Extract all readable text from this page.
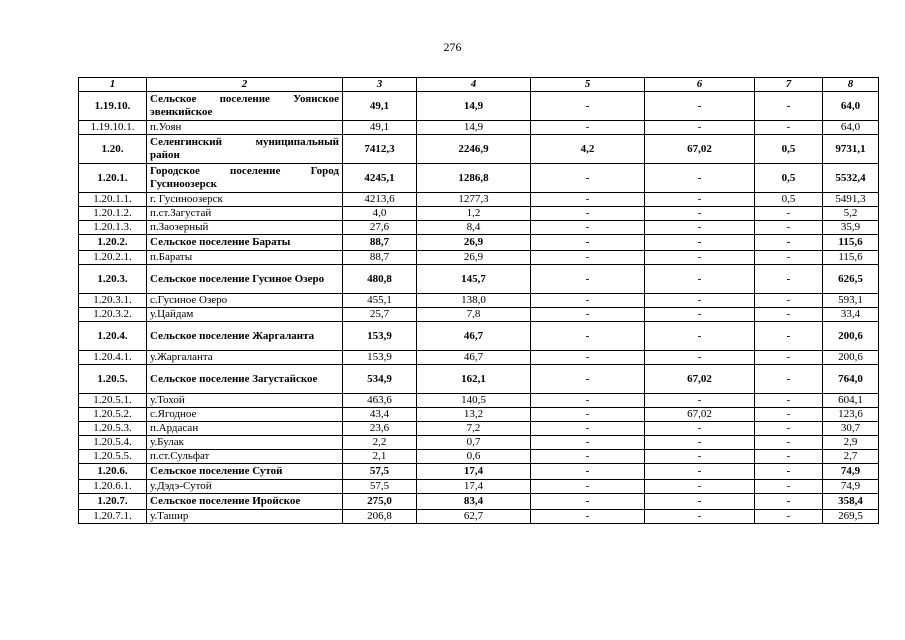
276
1	2	3	4	5	6	7	8
1.19.10.	Сельское поселение Уоянское эвенкийское	49,1	14,9	-	-	-	64,0
1.19.10.1.	п.Уоян	49,1	14,9	-	-	-	64,0
1.20.	Селенгинский муниципальный район	7412,3	2246,9	4,2	67,02	0,5	9731,1
1.20.1.	Городское поселение Город Гусиноозерск	4245,1	1286,8	-	-	0,5	5532,4
1.20.1.1.	г. Гусиноозерск	4213,6	1277,3	-	-	0,5	5491,3
1.20.1.2.	п.ст.Загустай	4,0	1,2	-	-	-	5,2
1.20.1.3.	п.Заозерный	27,6	8,4	-	-	-	35,9
1.20.2.	Сельское поселение Бараты	88,7	26,9	-	-	-	115,6
1.20.2.1.	п.Бараты	88,7	26,9	-	-	-	115,6
1.20.3.	Сельское поселение Гусиное Озеро	480,8	145,7	-	-	-	626,5
1.20.3.1.	с.Гусиное Озеро	455,1	138,0	-	-	-	593,1
1.20.3.2.	у.Цайдам	25,7	7,8	-	-	-	33,4
1.20.4.	Сельское поселение Жаргаланта	153,9	46,7	-	-	-	200,6
1.20.4.1.	у.Жаргаланта	153,9	46,7	-	-	-	200,6
1.20.5.	Сельское поселение Загустайское	534,9	162,1	-	67,02	-	764,0
1.20.5.1.	у.Тохой	463,6	140,5	-	-	-	604,1
1.20.5.2.	с.Ягодное	43,4	13,2	-	67,02	-	123,6
1.20.5.3.	п.Ардасан	23,6	7,2	-	-	-	30,7
1.20.5.4.	у.Булак	2,2	0,7	-	-	-	2,9
1.20.5.5.	п.ст.Сульфат	2,1	0,6	-	-	-	2,7
1.20.6.	Сельское поселение Сутой	57,5	17,4	-	-	-	74,9
1.20.6.1.	у.Дэдэ-Сутой	57,5	17,4	-	-	-	74,9
1.20.7.	Сельское поселение Иройское	275,0	83,4	-	-	-	358,4
1.20.7.1.	у.Ташир	206,8	62,7	-	-	-	269,5
